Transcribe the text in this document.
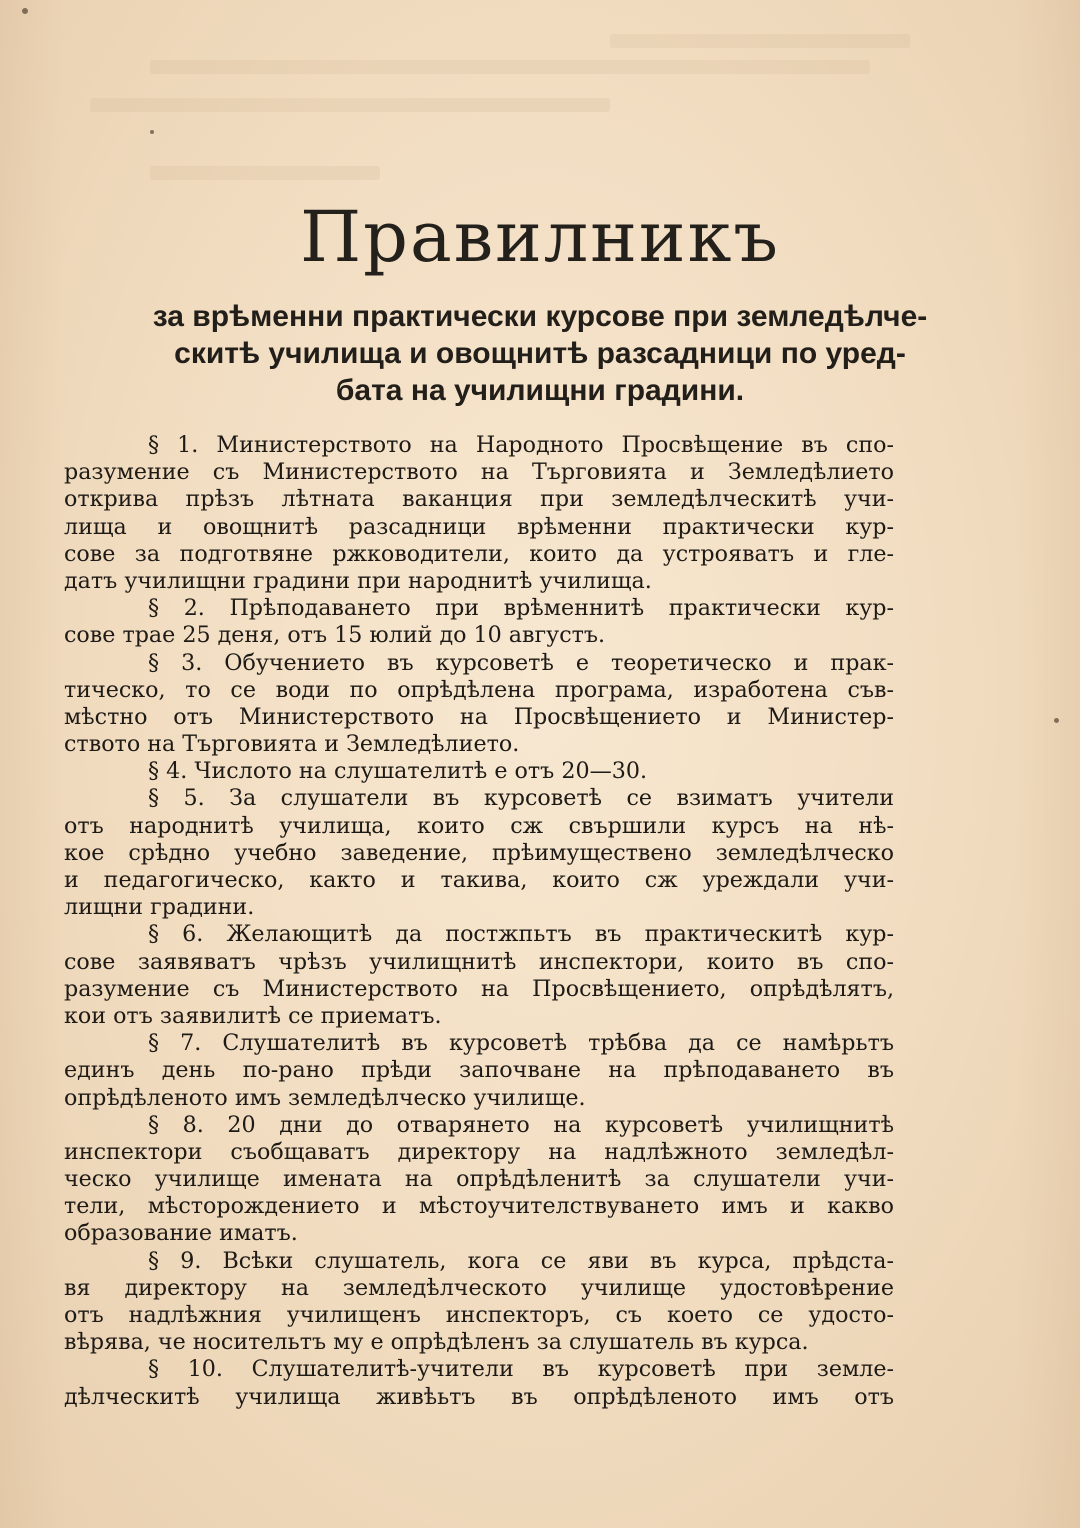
Правилникъ
за врѣменни практически курсове при земледѣлче-
скитѣ училища и овощнитѣ разсадници по уред-
бата на училищни градини.
§ 1. Министерството на Народното Просвѣщение въ спо-
разумение съ Министерството на Търговията и Земледѣлието
открива прѣзъ лѣтната ваканция при земледѣлческитѣ учи-
лища и овощнитѣ разсадници врѣменни практически кур-
сове за подготвяне ржководители, които да устрояватъ и гле-
датъ училищни градини при народнитѣ училища.
§ 2. Прѣподаването при врѣменнитѣ практически кур-
сове трае 25 деня, отъ 15 юлий до 10 августъ.
§ 3. Обучението въ курсоветѣ е теоретическо и прак-
тическо, то се води по опрѣдѣлена програма, изработена съв-
мѣстно отъ Министерството на Просвѣщението и Министер-
ството на Търговията и Земледѣлието.
§ 4. Числото на слушателитѣ е отъ 20—30.
§ 5. За слушатели въ курсоветѣ се взиматъ учители
отъ народнитѣ училища, които сж свършили курсъ на нѣ-
кое срѣдно учебно заведение, прѣимуществено земледѣлческо
и педагогическо, както и такива, които сж уреждали учи-
лищни градини.
§ 6. Желающитѣ да постжпьтъ въ практическитѣ кур-
сове заявяватъ чрѣзъ училищнитѣ инспектори, които въ спо-
разумение съ Министерството на Просвѣщението, опрѣдѣлятъ,
кои отъ заявилитѣ се приематъ.
§ 7. Слушателитѣ въ курсоветѣ трѣбва да се намѣрьтъ
единъ день по-рано прѣди започване на прѣподаването въ
опрѣдѣленото имъ земледѣлческо училище.
§ 8. 20 дни до отварянето на курсоветѣ училищнитѣ
инспектори съобщаватъ директору на надлѣжното земледѣл-
ческо училище имената на опрѣдѣленитѣ за слушатели учи-
тели, мѣсторождението и мѣстоучителствуването имъ и какво
образование иматъ.
§ 9. Всѣки слушатель, кога се яви въ курса, прѣдста-
вя директору на земледѣлческото училище удостовѣрение
отъ надлѣжния училищенъ инспекторъ, съ което се удосто-
вѣрява, че носительтъ му е опрѣдѣленъ за слушатель въ курса.
§ 10. Слушателитѣ-учители въ курсоветѣ при земле-
дѣлческитѣ училища живѣьтъ въ опрѣдѣленото имъ отъ
